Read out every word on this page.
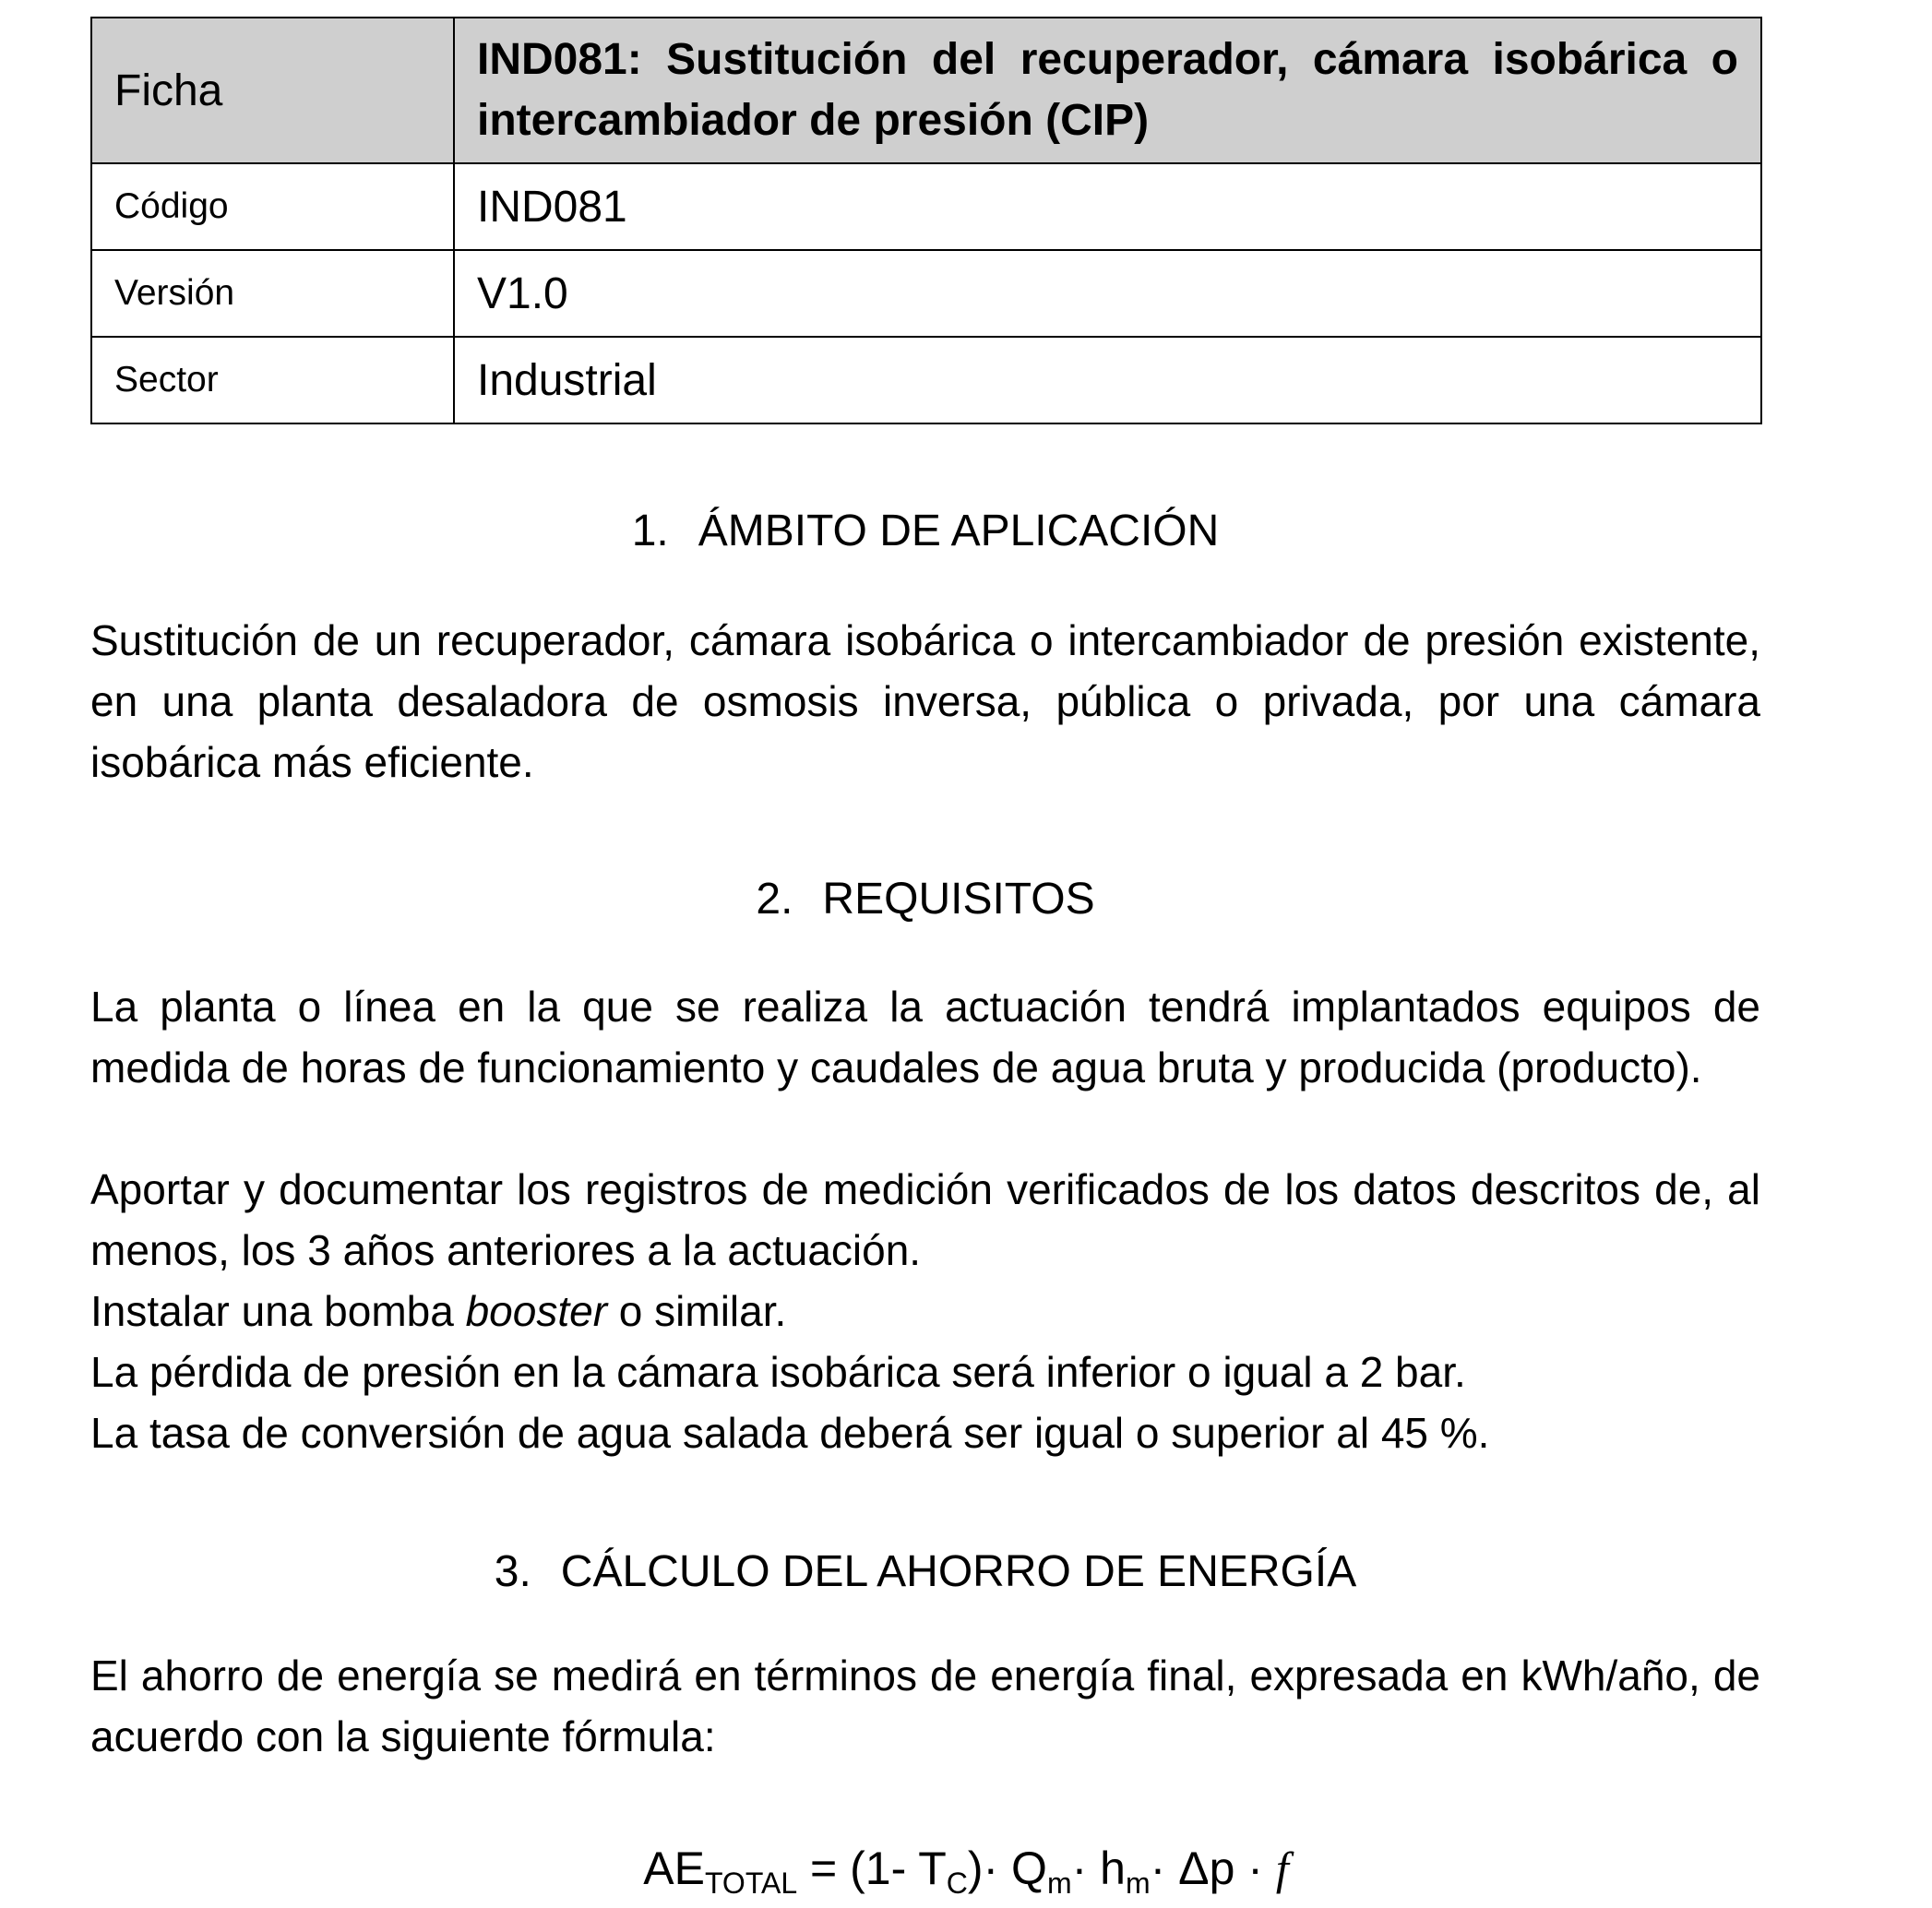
Ficha	IND081: Sustitución del recuperador, cámara isobárica o intercambiador de presión (CIP)
Código	IND081
Versión	V1.0
Sector	Industrial
1. ÁMBITO DE APLICACIÓN

Sustitución de un recuperador, cámara isobárica o intercambiador de presión existente, en una planta desaladora de osmosis inversa, pública o privada, por una cámara isobárica más eficiente.

2. REQUISITOS

La planta o línea en la que se realiza la actuación tendrá implantados equipos de medida de horas de funcionamiento y caudales de agua bruta y producida (producto).

Aportar y documentar los registros de medición verificados de los datos descritos de, al menos, los 3 años anteriores a la actuación.

Instalar una bomba booster o similar.
La pérdida de presión en la cámara isobárica será inferior o igual a 2 bar.
La tasa de conversión de agua salada deberá ser igual o superior al 45 %.
3. CÁLCULO DEL AHORRO DE ENERGÍA

El ahorro de energía se medirá en términos de energía final, expresada en kWh/año, de acuerdo con la siguiente fórmula:

$AE_{TOTAL} = (1-$ $T_C)\cdot Q_m\cdot h_m\cdot \Delta p \cdot f$
